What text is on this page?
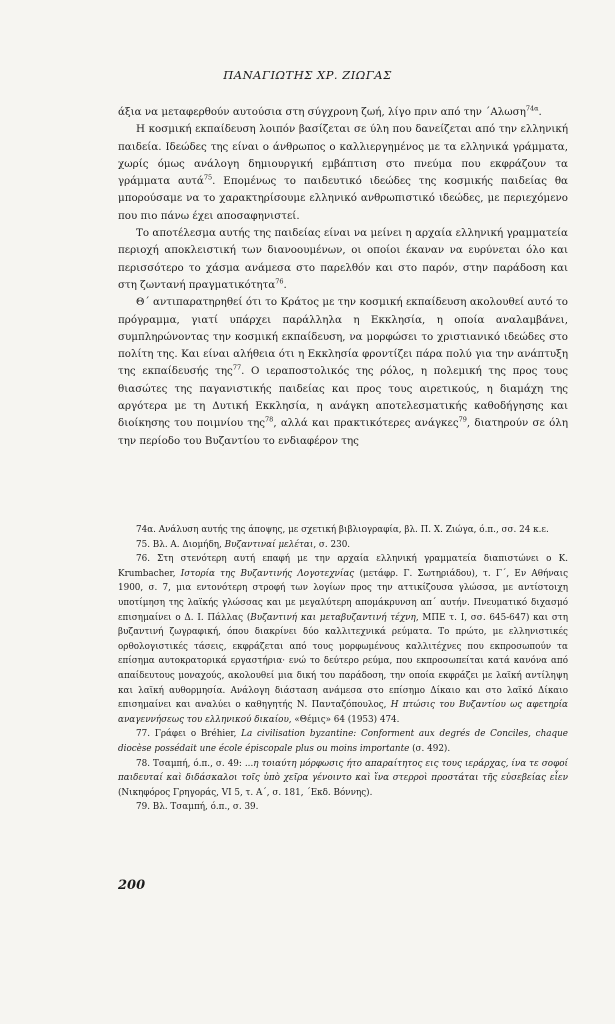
ΠΑΝΑΓΙΩΤΗΣ ΧΡ. ΖΙΩΓΑΣ

άξια να μεταφερθούν αυτούσια στη σύγχρονη ζωή, λίγο πριν από την ΄Αλωση$^{74\alpha}$.

Η κοσμική εκπαίδευση λοιπόν βασίζεται σε ύλη που δανείζεται από την ελληνική παιδεία. Ιδεώδες της είναι ο άνθρωπος ο καλλιεργημένος με τα ελληνικά γράμματα, χωρίς όμως ανάλογη δημιουργική εμβάπτιση στο πνεύμα που εκφράζουν τα γράμματα αυτά$^{75}$. Επομένως το παιδευτικό ιδεώδες της κοσμικής παιδείας θα μπορούσαμε να το χαρακτηρίσουμε ελληνικό ανθρωπιστικό ιδεώδες, με περιεχόμενο που πιο πάνω έχει αποσαφηνιστεί.

Το αποτέλεσμα αυτής της παιδείας είναι να μείνει η αρχαία ελληνική γραμματεία περιοχή αποκλειστική των διανοουμένων, οι οποίοι έκαναν να ευρύνεται όλο και περισσότερο το χάσμα ανάμεσα στο παρελθόν και στο παρόν, στην παράδοση και στη ζωντανή πραγματικότητα$^{76}$.

Θ΄ αντιπαρατηρηθεί ότι το Κράτος με την κοσμική εκπαίδευση ακολουθεί αυτό το πρόγραμμα, γιατί υπάρχει παράλληλα η Εκκλησία, η οποία αναλαμβάνει, συμπληρώνοντας την κοσμική εκπαίδευση, να μορφώσει το χριστιανικό ιδεώδες στο πολίτη της. Και είναι αλήθεια ότι η Εκκλησία φροντίζει πάρα πολύ για την ανάπτυξη της εκπαίδευσής της$^{77}$. Ο ιεραποστολικός της ρόλος, η πολεμική της προς τους θιασώτες της παγανιστικής παιδείας και προς τους αιρετικούς, η διαμάχη της αργότερα με τη Δυτική Εκκλησία, η ανάγκη αποτελεσματικής καθοδήγησης και διοίκησης του ποιμνίου της$^{78}$, αλλά και πρακτικότερες ανάγκες$^{79}$, διατηρούν σε όλη την περίοδο του Βυζαντίου το ενδιαφέρον της

74α. Ανάλυση αυτής της άποψης, με σχετική βιβλιογραφία, βλ. Π. Χ. Ζιώγα, ό.π., σσ. 24 κ.ε.

75. Βλ. Α. Διομήδη, Βυζαντιναί μελέται, σ. 230.

76. Στη στενότερη αυτή επαφή με την αρχαία ελληνική γραμματεία διαπιστώνει ο K. Krumbacher, Ιστορία της Βυζαντινής Λογοτεχνίας (μετάφρ. Γ. Σωτηριάδου), τ. Γ΄, Εν Αθήναις 1900, σ. 7, μια εντονότερη στροφή των λογίων προς την αττικίζουσα γλώσσα, με αντίστοιχη υποτίμηση της λαϊκής γλώσσας και με μεγαλύτερη απομάκρυνση απ΄ αυτήν. Πνευματικό διχασμό επισημαίνει ο Δ. Ι. Πάλλας (Βυζαντινή και μεταβυζαντινή τέχνη, ΜΠΕ τ. I, σσ. 645-647) και στη βυζαντινή ζωγραφική, όπου διακρίνει δύο καλλιτεχνικά ρεύματα. Το πρώτο, με ελληνιστικές ορθολογιστικές τάσεις, εκφράζεται από τους μορφωμένους καλλιτέχνες που εκπροσωπούν τα επίσημα αυτοκρατορικά εργαστήρια· ενώ το δεύτερο ρεύμα, που εκπροσωπείται κατά κανόνα από απαίδευτους μοναχούς, ακολουθεί μια δική του παράδοση, την οποία εκφράζει με λαϊκή αντίληψη και λαϊκή αυθορμησία. Ανάλογη διάσταση ανάμεσα στο επίσημο Δίκαιο και στο λαϊκό Δίκαιο επισημαίνει και αναλύει ο καθηγητής Ν. Πανταζόπουλος, Η πτώσις του Βυζαντίου ως αφετηρία αναγεννήσεως του ελληνικού δικαίου, «Θέμις» 64 (1953) 474.

77. Γράφει ο Bréhier, La civilisation byzantine: Conforment aux degrés de Conciles, chaque diocèse possédait une école épiscopale plus ou moins importante (σ. 492).

78. Τσαμπή, ό.π., σ. 49: ...η τοιαύτη μόρφωσις ήτο απαραίτητος εις τους ιεράρχας, ίνα τε σοφοί παιδευταί καὶ διδάσκαλοι τοῖς ὑπὸ χεῖρα γένοιντο καὶ ἵνα στερροὶ προστάται τῆς εὐσεβείας εἶεν (Νικηφόρος Γρηγοράς, VI 5, τ. Α΄, σ. 181, ΄Εκδ. Βόννης).

79. Βλ. Τσαμπή, ό.π., σ. 39.

200
